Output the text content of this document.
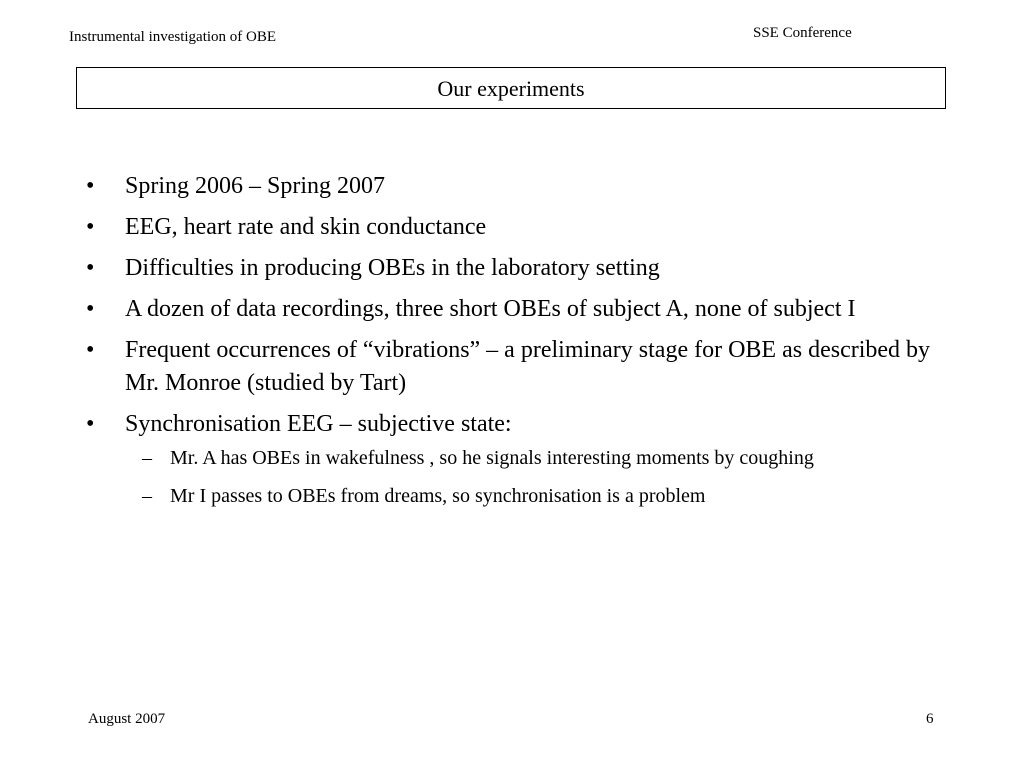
Instrumental investigation of OBE	SSE Conference
Our experiments
•	Spring 2006 – Spring 2007
•	EEG, heart rate and skin conductance
•	Difficulties in producing OBEs in the laboratory setting
•	A dozen of data recordings, three short OBEs of subject A, none of subject I
•	Frequent occurrences of “vibrations” – a preliminary stage for OBE as described by Mr. Monroe (studied by Tart)
•	Synchronisation EEG – subjective state:
– Mr. A has OBEs in wakefulness , so he signals interesting moments by coughing
– Mr I passes to OBEs from dreams, so synchronisation is a problem
August 2007	6
